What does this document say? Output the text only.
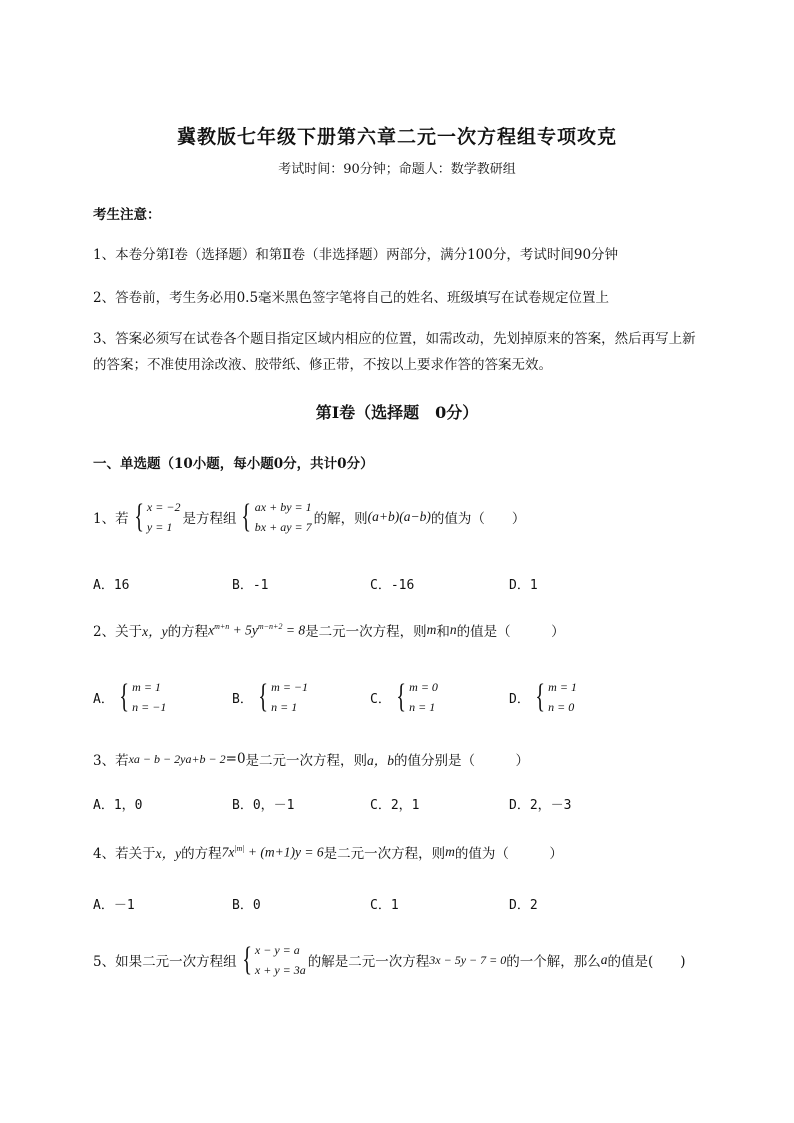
冀教版七年级下册第六章二元一次方程组专项攻克
考试时间：90分钟；命题人：数学教研组
考生注意：
1、本卷分第Ⅰ卷（选择题）和第Ⅱ卷（非选择题）两部分，满分100分，考试时间90分钟
2、答卷前，考生务必用0.5毫米黑色签字笔将自己的姓名、班级填写在试卷规定位置上
3、答案必须写在试卷各个题目指定区域内相应的位置，如需改动，先划掉原来的答案，然后再写上新
的答案；不准使用涂改液、胶带纸、修正带，不按以上要求作答的答案无效。
第Ⅰ卷（选择题　0分）
一、单选题（10小题，每小题0分，共计0分）
1、若 { x = −2
y = 1 是方程组 { ax + by = 1
bx + ay = 7 的解，则 (a+b)(a−b) 的值为（　　）
A．16	B．-1	C．-16	D．1
2、关于 x，y 的方程 $x^{m+n} + 5y^{m-n+2} = 8$ 是二元一次方程，则 m 和 n 的值是（　　　）
A． { m = 1
n = −1
B． { m = −1
n = 1
C． { m = 0
n = 1
D． { m = 1
n = 0
3、若 xa − b − 2ya+b − 2 =0 是二元一次方程，则 a，b 的值分别是（　　　）
A．1，0	B．0，－1	C．2，1	D．2，－3
4、若关于 x，y 的方程 $7x^{|m|} + (m+1)y = 6$ 是二元一次方程，则 m 的值为（　　　）
A．－1	B．0	C．1	D．2
5、如果二元一次方程组 { x − y = a
x + y = 3a 的解是二元一次方程 3x − 5y − 7 = 0 的一个解，那么 a 的值是(　　)
